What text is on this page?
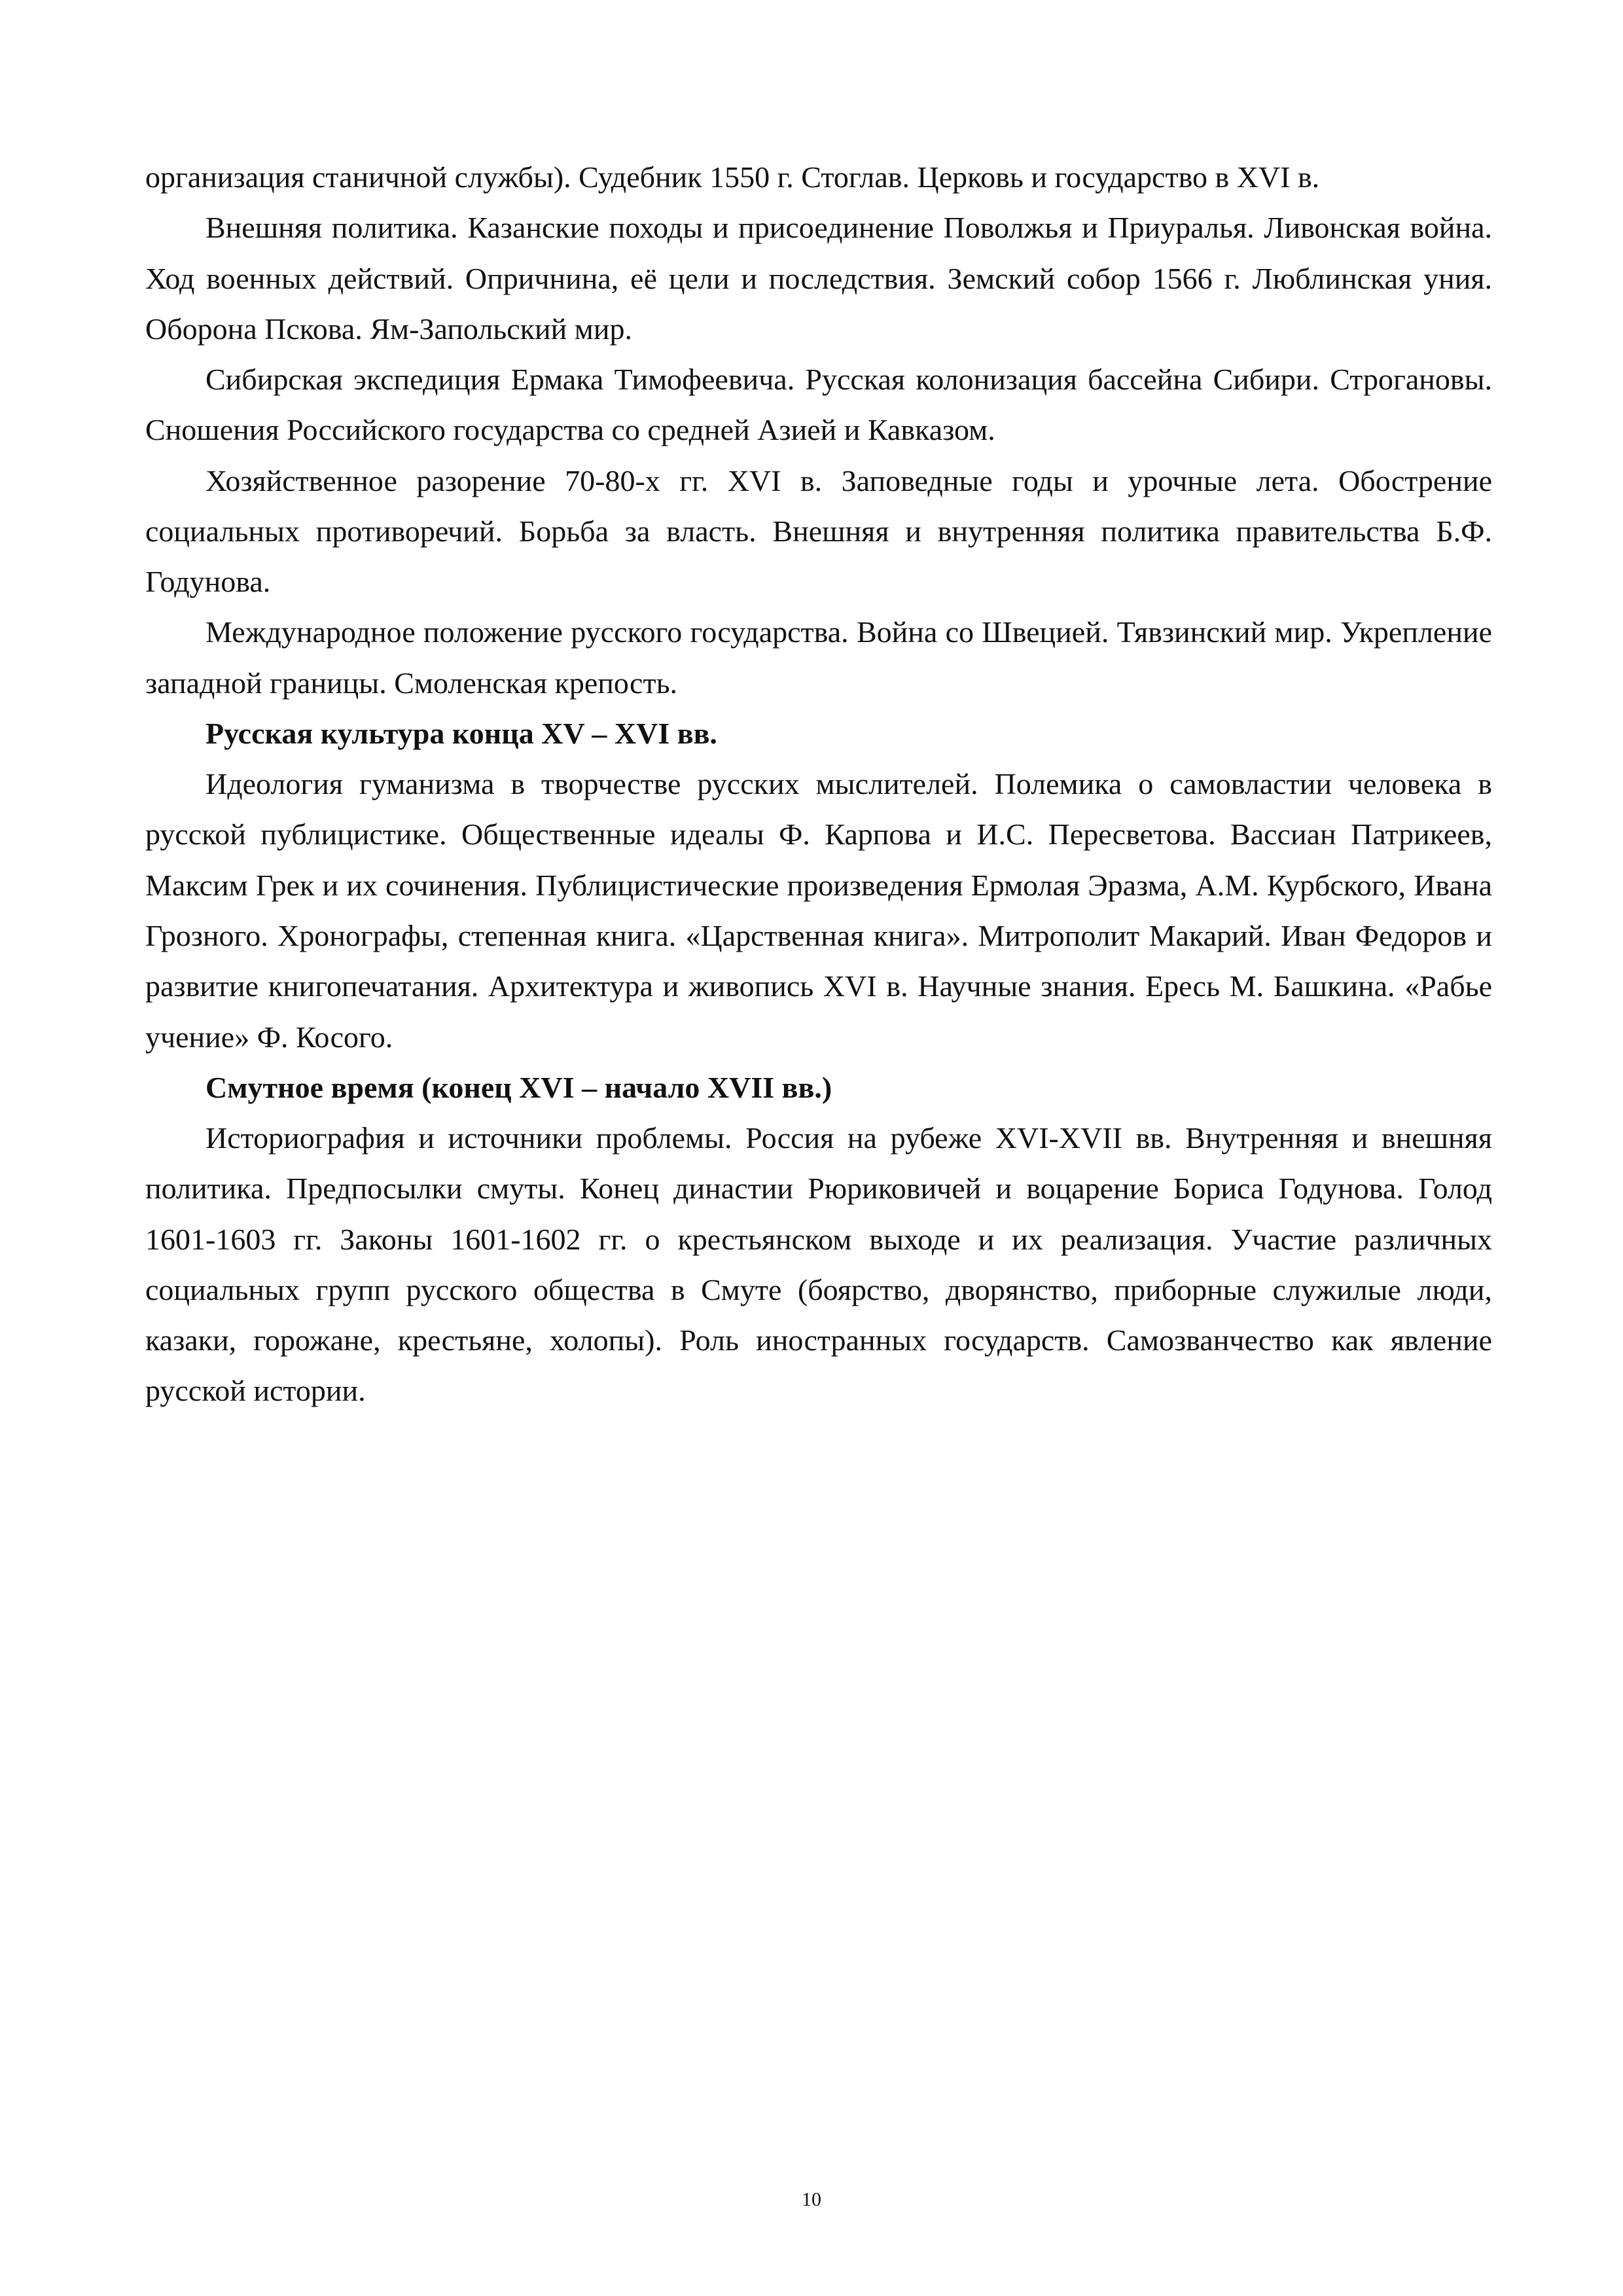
организация станичной службы). Судебник 1550 г. Стоглав. Церковь и государство в XVI в.

Внешняя политика. Казанские походы и присоединение Поволжья и Приуралья. Ливонская война. Ход военных действий. Опричнина, её цели и последствия. Земский собор 1566 г. Люблинская уния. Оборона Пскова. Ям-Запольский мир.

Сибирская экспедиция Ермака Тимофеевича. Русская колонизация бассейна Сибири. Строгановы. Сношения Российского государства со средней Азией и Кавказом.

Хозяйственное разорение 70-80-х гг. XVI в. Заповедные годы и урочные лета. Обострение социальных противоречий. Борьба за власть. Внешняя и внутренняя политика правительства Б.Ф. Годунова.

Международное положение русского государства. Война со Швецией. Тявзинский мир. Укрепление западной границы. Смоленская крепость.

Русская культура конца XV – XVI вв.

Идеология гуманизма в творчестве русских мыслителей. Полемика о самовластии человека в русской публицистике. Общественные идеалы Ф. Карпова и И.С. Пересветова. Вассиан Патрикеев, Максим Грек и их сочинения. Публицистические произведения Ермолая Эразма, А.М. Курбского, Ивана Грозного. Хронографы, степенная книга. «Царственная книга». Митрополит Макарий. Иван Федоров и развитие книгопечатания. Архитектура и живопись XVI в. Научные знания. Ересь М. Башкина. «Рабье учение» Ф. Косого.

Смутное время (конец XVI – начало XVII вв.)

Историография и источники проблемы. Россия на рубеже XVI-XVII вв. Внутренняя и внешняя политика. Предпосылки смуты. Конец династии Рюриковичей и воцарение Бориса Годунова. Голод 1601-1603 гг. Законы 1601-1602 гг. о крестьянском выходе и их реализация. Участие различных социальных групп русского общества в Смуте (боярство, дворянство, приборные служилые люди, казаки, горожане, крестьяне, холопы). Роль иностранных государств. Самозванчество как явление русской истории.

10
